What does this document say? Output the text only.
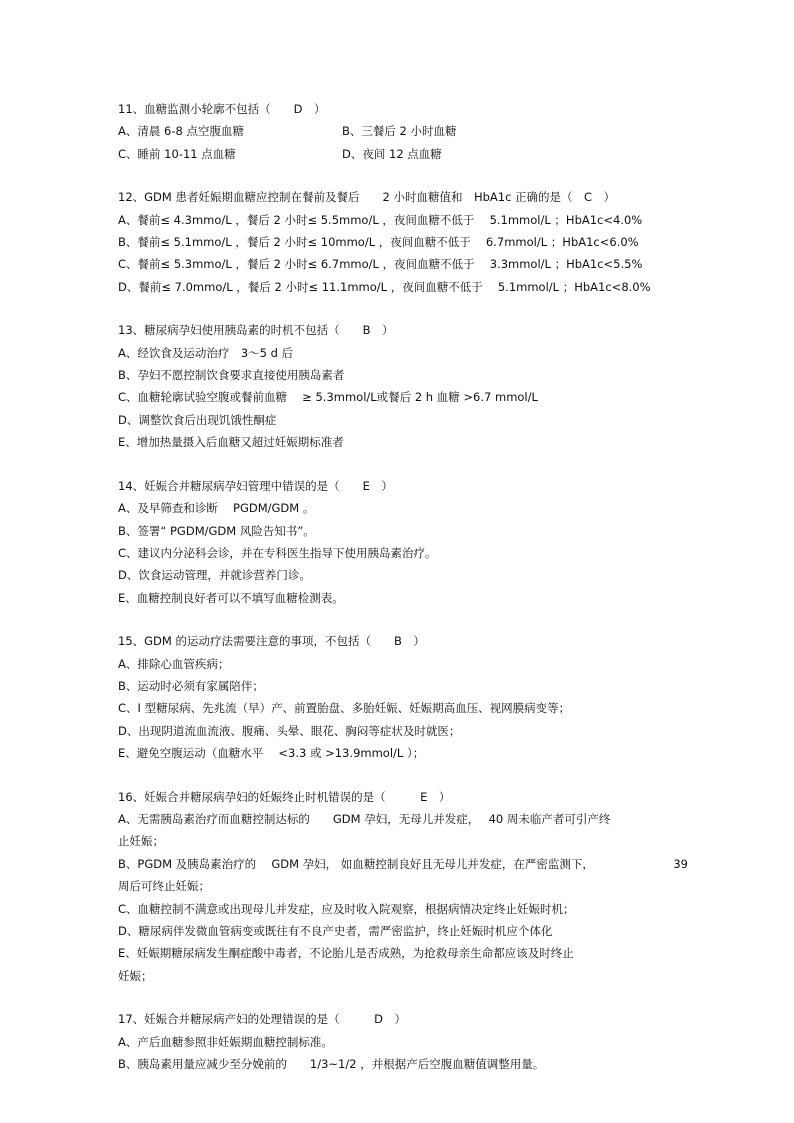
11、血糖监测小轮廓不包括（　　D　）
A、清晨 6-8 点空腹血糖	B、三餐后 2 小时血糖
C、睡前 10-11 点血糖	D、夜间 12 点血糖
12、GDM 患者妊娠期血糖应控制在餐前及餐后　　2 小时血糖值和　HbA1c 正确的是（　C　）
A、餐前≤ 4.3mmo/L ，餐后 2 小时≤ 5.5mmo/L ，夜间血糖不低于　 5.1mmol/L ；HbA1c<4.0%
B、餐前≤ 5.1mmo/L ，餐后 2 小时≤ 10mmo/L ，夜间血糖不低于　 6.7mmol/L ；HbA1c<6.0%
C、餐前≤ 5.3mmo/L ，餐后 2 小时≤ 6.7mmo/L ，夜间血糖不低于　 3.3mmol/L ；HbA1c<5.5%
D、餐前≤ 7.0mmo/L ，餐后 2 小时≤ 11.1mmo/L ，夜间血糖不低于　 5.1mmol/L ；HbA1c<8.0%
13、糖尿病孕妇使用胰岛素的时机不包括（　　B　）
A、经饮食及运动治疗　3～5 d 后
B、孕妇不愿控制饮食要求直接使用胰岛素者
C、血糖轮廓试验空腹或餐前血糖　 ≥ 5.3mmol/L或餐后 2 h 血糖 >6.7 mmol/L
D、调整饮食后出现饥饿性酮症
E、增加热量摄入后血糖又超过妊娠期标准者
14、妊娠合并糖尿病孕妇管理中错误的是（　　E　）
A、及早筛查和诊断　 PGDM/GDM 。
B、签署“ PGDM/GDM 风险告知书”。
C、建议内分泌科会诊，并在专科医生指导下使用胰岛素治疗。
D、饮食运动管理，并就诊营养门诊。
E、血糖控制良好者可以不填写血糖检测表。
15、GDM 的运动疗法需要注意的事项，不包括（　　B　）
A、排除心血管疾病；
B、运动时必须有家属陪伴；
C、I 型糖尿病、先兆流（早）产、前置胎盘、多胎妊娠、妊娠期高血压、视网膜病变等；
D、出现阴道流血流液、腹痛、头晕、眼花、胸闷等症状及时就医；
E、避免空腹运动（血糖水平　 <3.3 或 >13.9mmol/L ）；
16、妊娠合并糖尿病孕妇的妊娠终止时机错误的是（　　　E　）
A、无需胰岛素治疗而血糖控制达标的　　GDM 孕妇，无母儿并发症，　 40 周未临产者可引产终
止妊娠；
B、PGDM 及胰岛素治疗的　 GDM 孕妇， 如血糖控制良好且无母儿并发症，在严密监测下，	39
周后可终止妊娠；
C、血糖控制不满意或出现母儿并发症，应及时收入院观察，根据病情决定终止妊娠时机；
D、糖尿病伴发微血管病变或既往有不良产史者，需严密监护，终止妊娠时机应个体化
E、妊娠期糖尿病发生酮症酸中毒者，不论胎儿是否成熟，为抢救母亲生命都应该及时终止
妊娠；
17、妊娠合并糖尿病产妇的处理错误的是（　　　D　）
A、产后血糖参照非妊娠期血糖控制标准。
B、胰岛素用量应减少至分娩前的　　1/3~1/2 ，并根据产后空腹血糖值调整用量。
